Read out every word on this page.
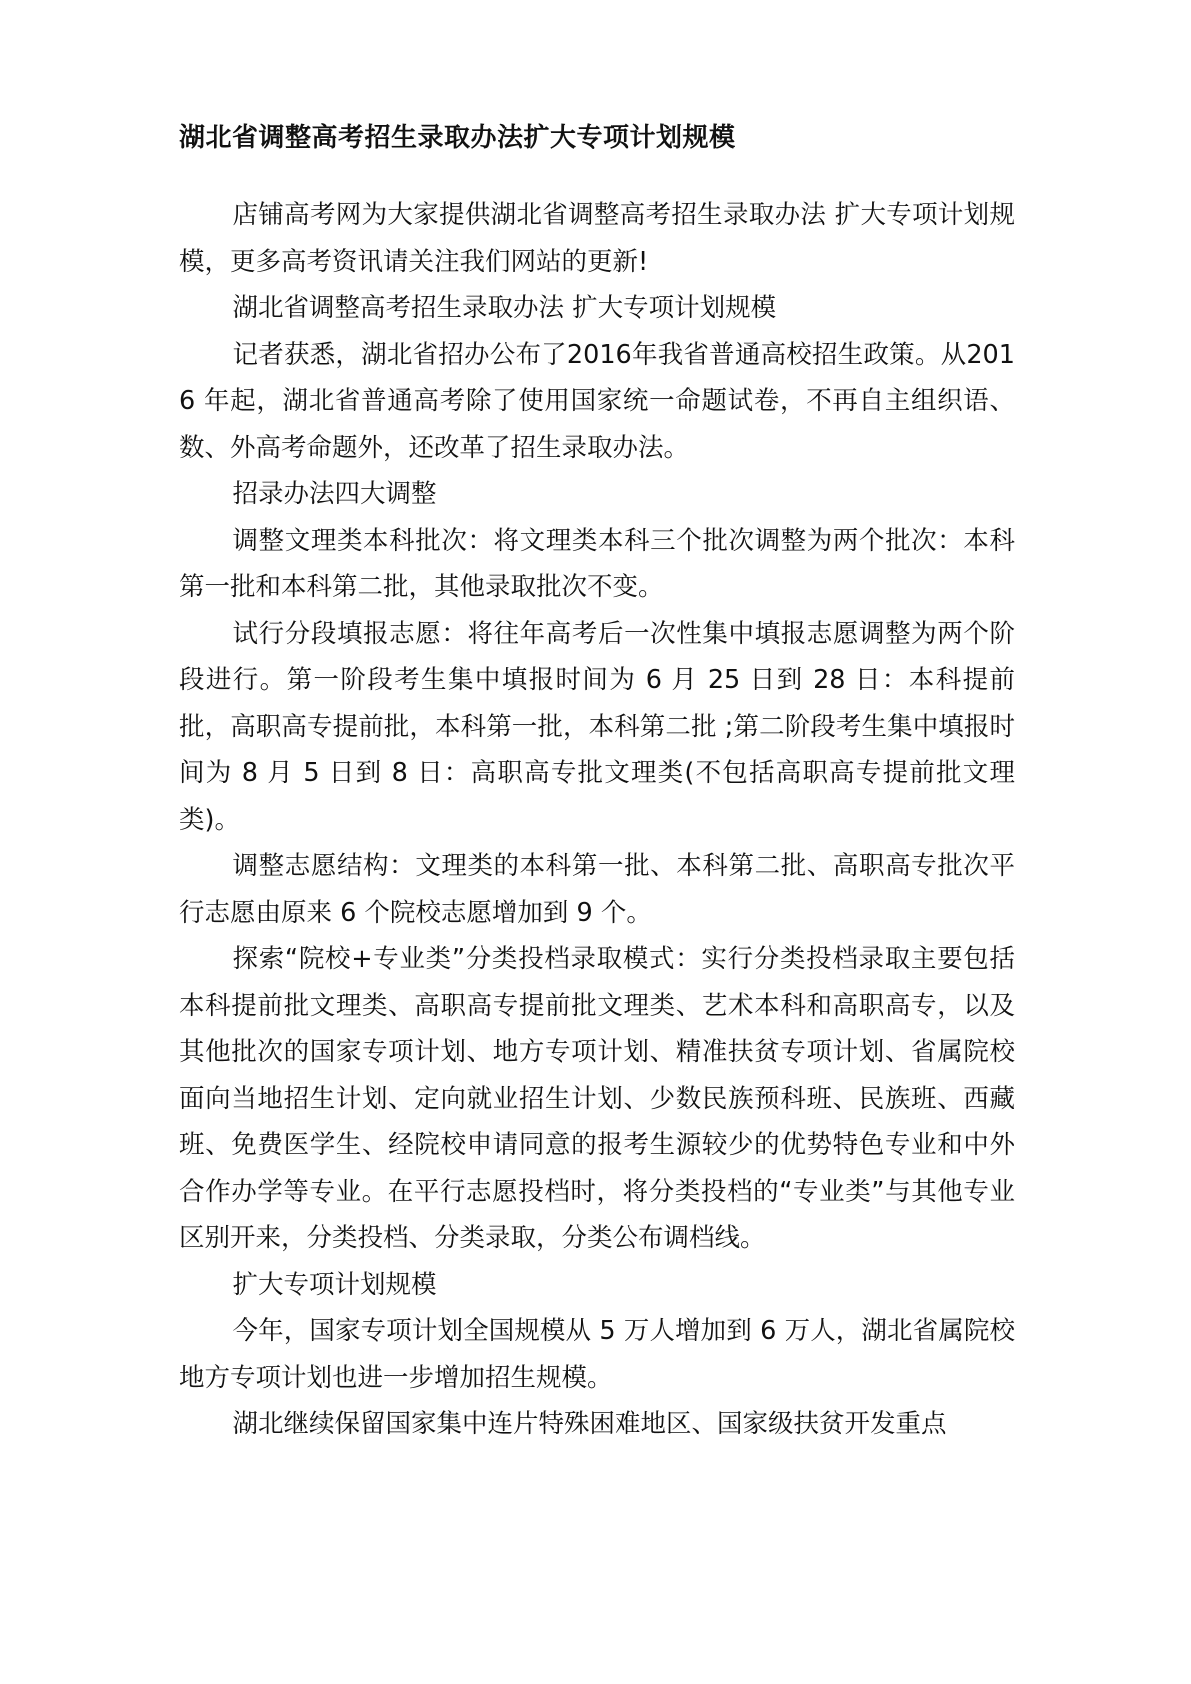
湖北省调整高考招生录取办法扩大专项计划规模

店铺高考网为大家提供湖北省调整高考招生录取办法 扩大专项计划规模，更多高考资讯请关注我们网站的更新!

湖北省调整高考招生录取办法 扩大专项计划规模

记者获悉，湖北省招办公布了2016年我省普通高校招生政策。从2016 年起，湖北省普通高考除了使用国家统一命题试卷，不再自主组织语、数、外高考命题外，还改革了招生录取办法。

招录办法四大调整

调整文理类本科批次：将文理类本科三个批次调整为两个批次：本科第一批和本科第二批，其他录取批次不变。

试行分段填报志愿：将往年高考后一次性集中填报志愿调整为两个阶段进行。第一阶段考生集中填报时间为 6 月 25 日到 28 日：本科提前批，高职高专提前批，本科第一批，本科第二批 ;第二阶段考生集中填报时间为 8 月 5 日到 8 日：高职高专批文理类(不包括高职高专提前批文理类)。

调整志愿结构：文理类的本科第一批、本科第二批、高职高专批次平行志愿由原来 6 个院校志愿增加到 9 个。

探索“院校+专业类”分类投档录取模式：实行分类投档录取主要包括本科提前批文理类、高职高专提前批文理类、艺术本科和高职高专，以及其他批次的国家专项计划、地方专项计划、精准扶贫专项计划、省属院校面向当地招生计划、定向就业招生计划、少数民族预科班、民族班、西藏班、免费医学生、经院校申请同意的报考生源较少的优势特色专业和中外合作办学等专业。在平行志愿投档时，将分类投档的“专业类”与其他专业区别开来，分类投档、分类录取，分类公布调档线。

扩大专项计划规模

今年，国家专项计划全国规模从 5 万人增加到 6 万人，湖北省属院校地方专项计划也进一步增加招生规模。

湖北继续保留国家集中连片特殊困难地区、国家级扶贫开发重点
